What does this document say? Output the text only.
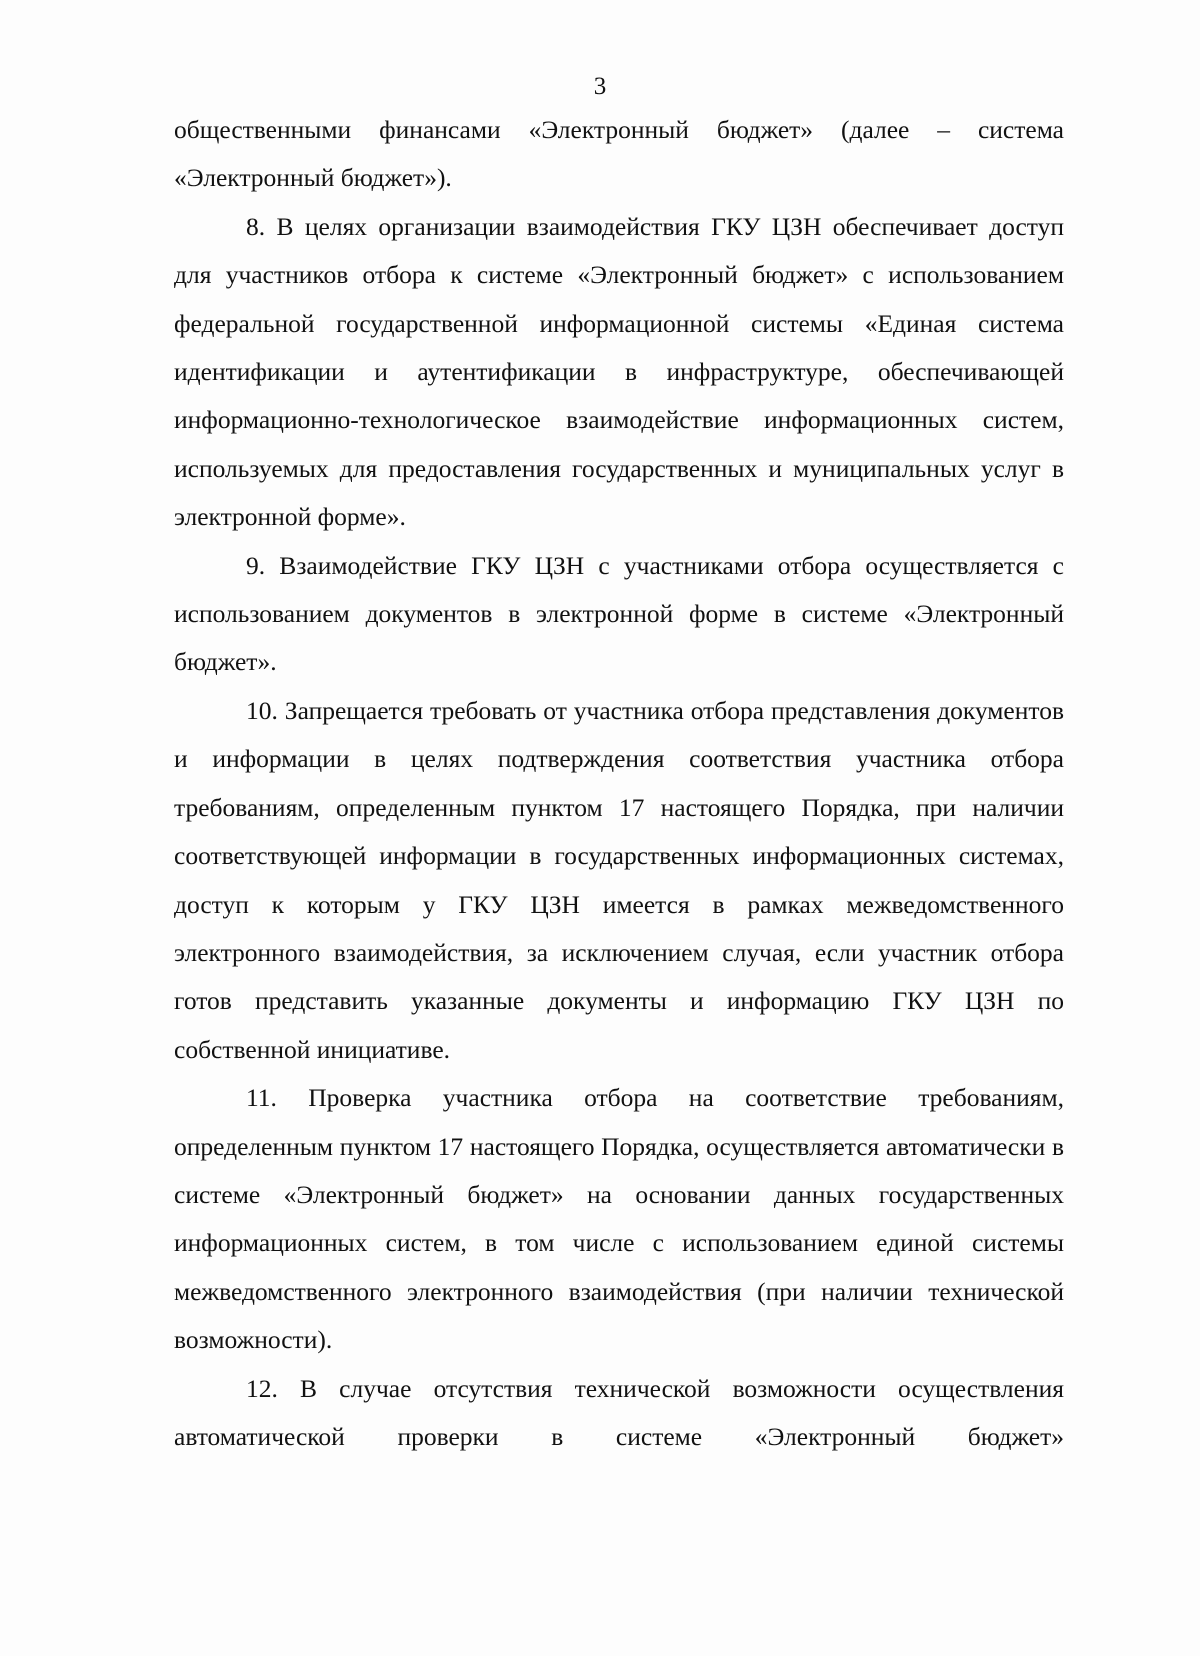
3

общественными финансами «Электронный бюджет» (далее – система «Электронный бюджет»).

8. В целях организации взаимодействия ГКУ ЦЗН обеспечивает доступ для участников отбора к системе «Электронный бюджет» с использованием федеральной государственной информационной системы «Единая система идентификации и аутентификации в инфраструктуре, обеспечивающей информационно-технологическое взаимодействие информационных систем, используемых для предоставления государственных и муниципальных услуг в электронной форме».

9. Взаимодействие ГКУ ЦЗН с участниками отбора осуществляется с использованием документов в электронной форме в системе «Электронный бюджет».

10. Запрещается требовать от участника отбора представления документов и информации в целях подтверждения соответствия участника отбора требованиям, определенным пунктом 17 настоящего Порядка, при наличии соответствующей информации в государственных информационных системах, доступ к которым у ГКУ ЦЗН имеется в рамках межведомственного электронного взаимодействия, за исключением случая, если участник отбора готов представить указанные документы и информацию ГКУ ЦЗН по собственной инициативе.

11. Проверка участника отбора на соответствие требованиям, определенным пунктом 17 настоящего Порядка, осуществляется автоматически в системе «Электронный бюджет» на основании данных государственных информационных систем, в том числе с использованием единой системы межведомственного электронного взаимодействия (при наличии технической возможности).

12. В случае отсутствия технической возможности осуществления автоматической проверки в системе «Электронный бюджет»
